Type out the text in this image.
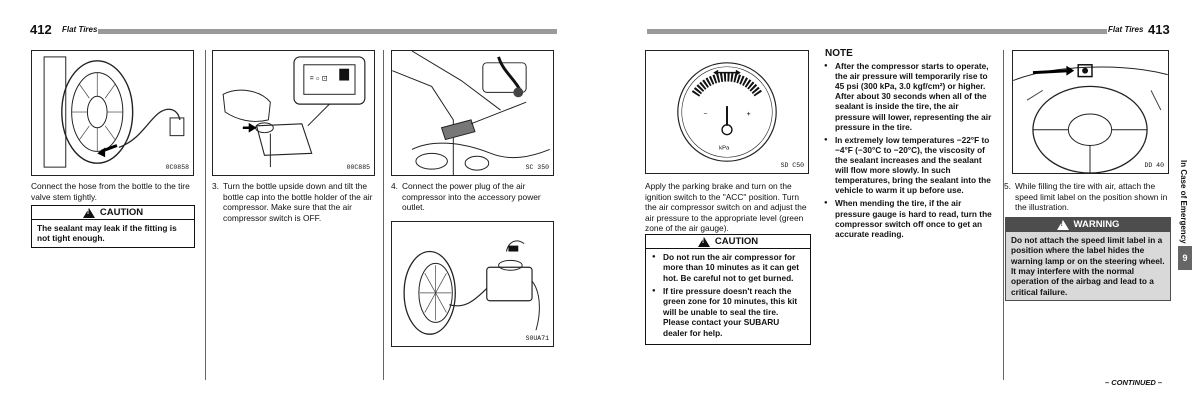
412 Flat Tires
0C0858
= ○ ⊡
00C885	SC 350
Connect the hose from the bottle to the tire valve stem tightly.
!
CAUTION
The sealant may leak if the fitting is not tight enough.
3. Turn the bottle upside down and tilt the bottle cap into the bottle holder of the air compressor. Make sure that the air compressor switch is OFF.
4. Connect the power plug of the air compressor into the accessory power outlet.
S0UA71
Flat Tires 413
−	+
kPa
SD C50
Apply the parking brake and turn on the ignition switch to the "ACC" position. Turn the air compressor switch on and adjust the air pressure to the appropriate level (green zone of the air gauge).
!
CAUTION
● Do not run the air compressor for more than 10 minutes as it can get hot. Be careful not to get burned.
● If tire pressure doesn't reach the green zone for 10 minutes, this kit will be unable to seal the tire. Please contact your SUBARU dealer for help.
NOTE
● After the compressor starts to operate, the air pressure will temporarily rise to 45 psi (300 kPa, 3.0 kgf/cm²) or higher. After about 30 seconds when all of the sealant is inside the tire, the air pressure will lower, representing the air pressure in the tire.
● In extremely low temperatures −22°F to −4°F (−30°C to −20°C), the viscosity of the sealant increases and the sealant will flow more slowly. In such temperatures, bring the sealant into the vehicle to warm it up before use.
● When mending the tire, if the air pressure gauge is hard to read, turn the compressor switch off once to get an accurate reading.
DD 40
5. While filling the tire with air, attach the speed limit label on the position shown in the illustration.
!
WARNING
Do not attach the speed limit label in a position where the label hides the warning lamp or on the steering wheel. It may interfere with the normal operation of the airbag and lead to a critical failure.
In Case of Emergency
9
– CONTINUED –
